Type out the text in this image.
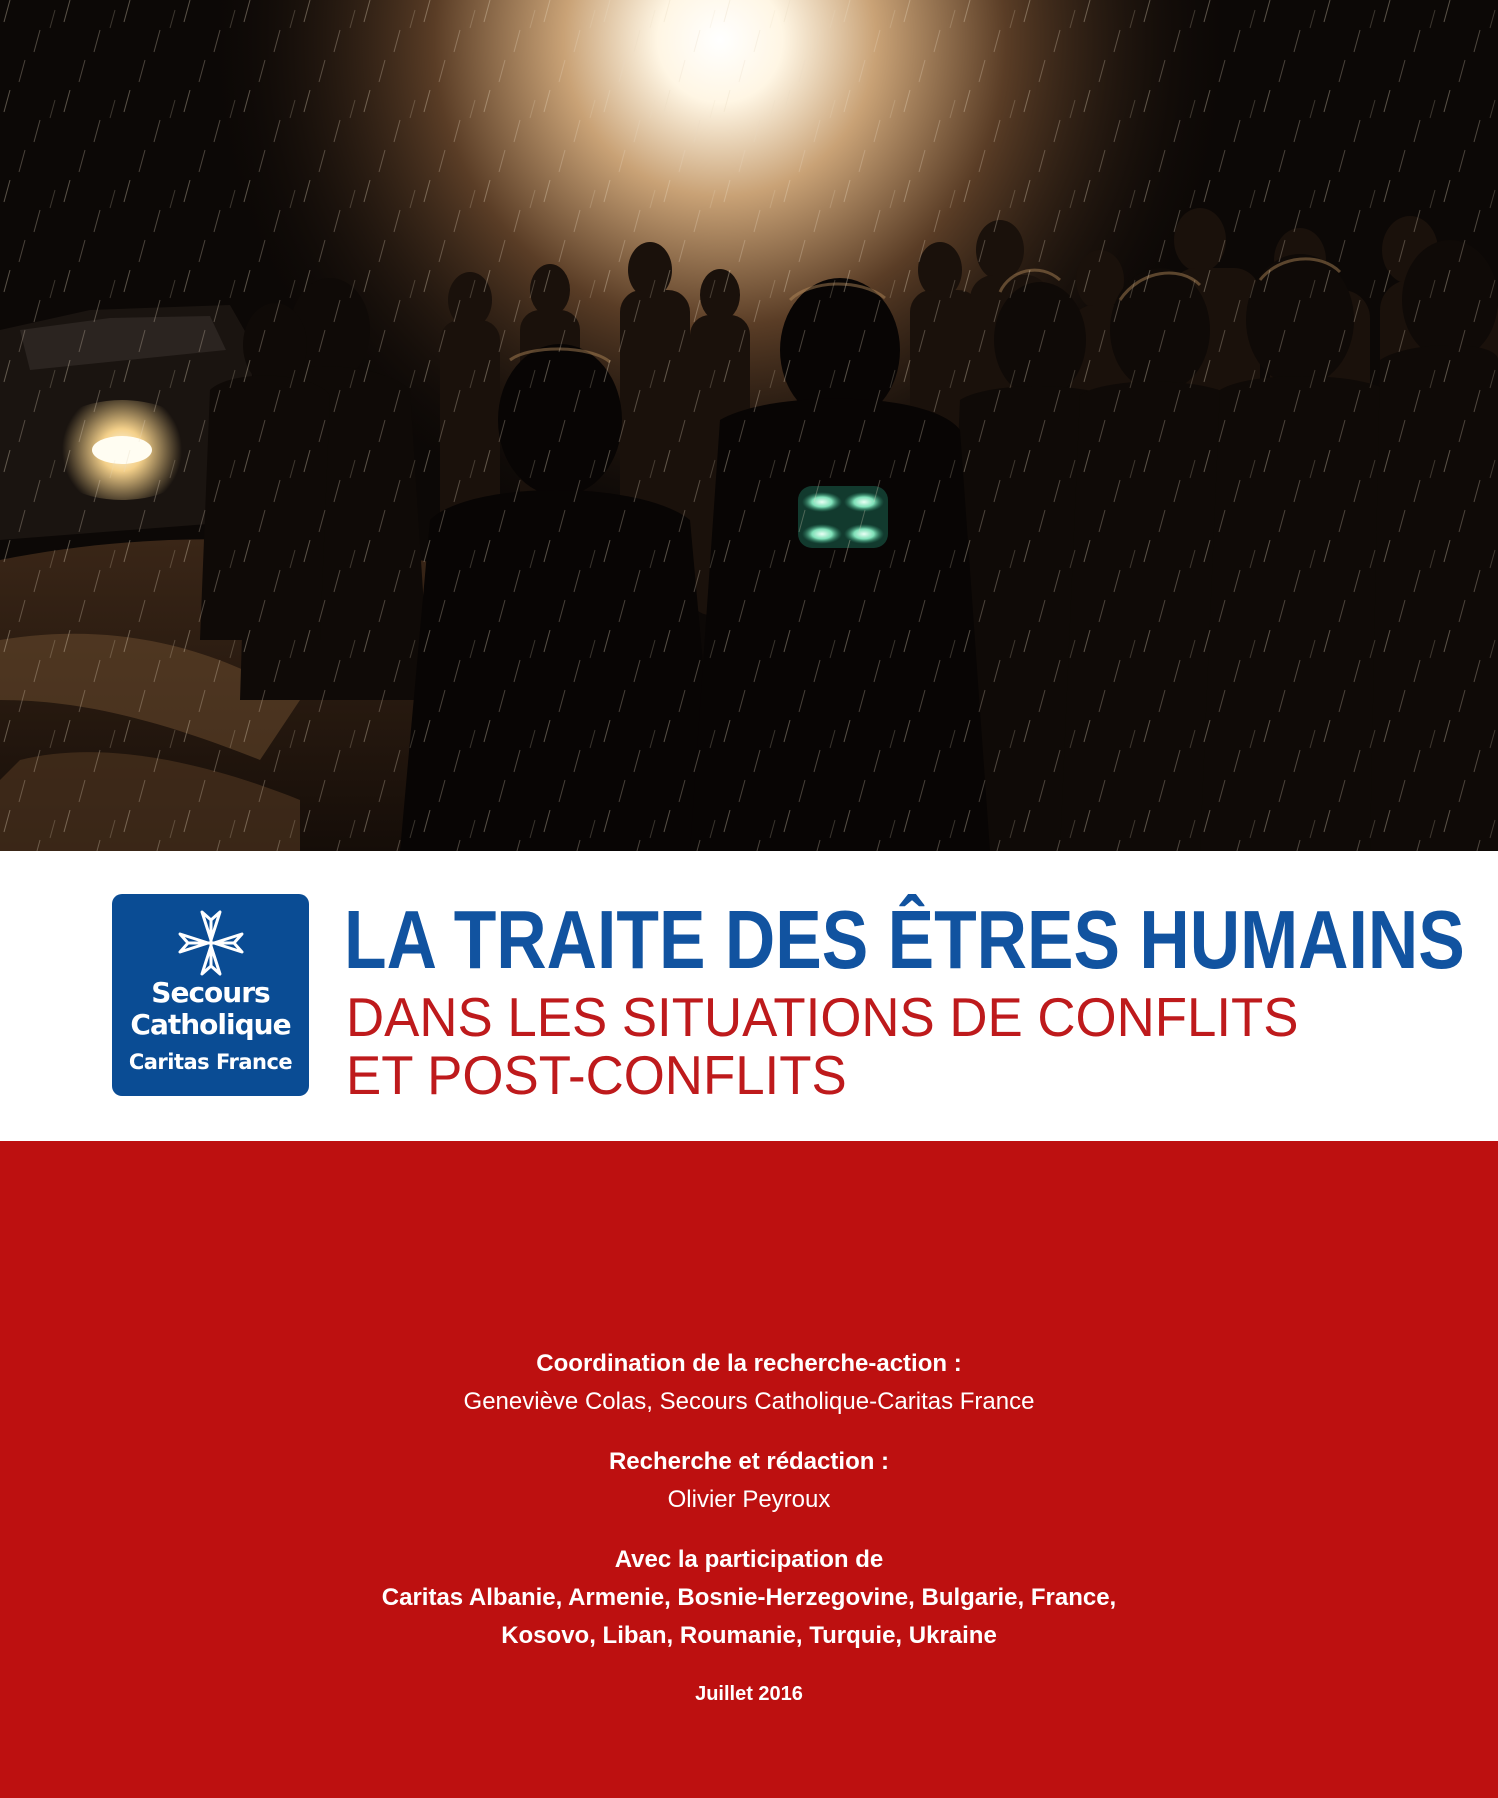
Secours
Catholique
Caritas France
LA TRAITE DES ÊTRES HUMAINS
DANS LES SITUATIONS DE CONFLITS
ET POST-CONFLITS
Coordination de la recherche-action :
Geneviève Colas, Secours Catholique-Caritas France
Recherche et rédaction :
Olivier Peyroux
Avec la participation de
Caritas Albanie, Armenie, Bosnie-Herzegovine, Bulgarie, France,
Kosovo, Liban, Roumanie, Turquie, Ukraine
Juillet 2016
